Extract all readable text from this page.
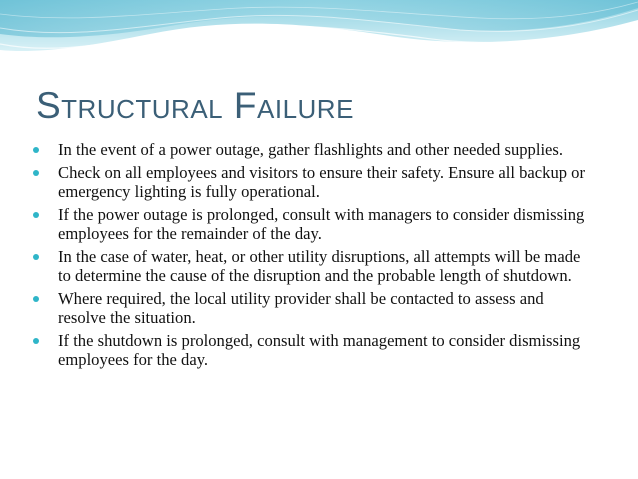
Structural Failure
In the event of a power outage, gather flashlights and other needed supplies.
Check on all employees and visitors to ensure their safety. Ensure all backup or emergency lighting is fully operational.
If the power outage is prolonged, consult with managers to consider dismissing employees for the remainder of the day.
In the case of water, heat, or other utility disruptions, all attempts will be made to determine the cause of the disruption and the probable length of shutdown.
Where required, the local utility provider shall be contacted to assess and resolve the situation.
If the shutdown is prolonged, consult with management to consider dismissing employees for the day.
